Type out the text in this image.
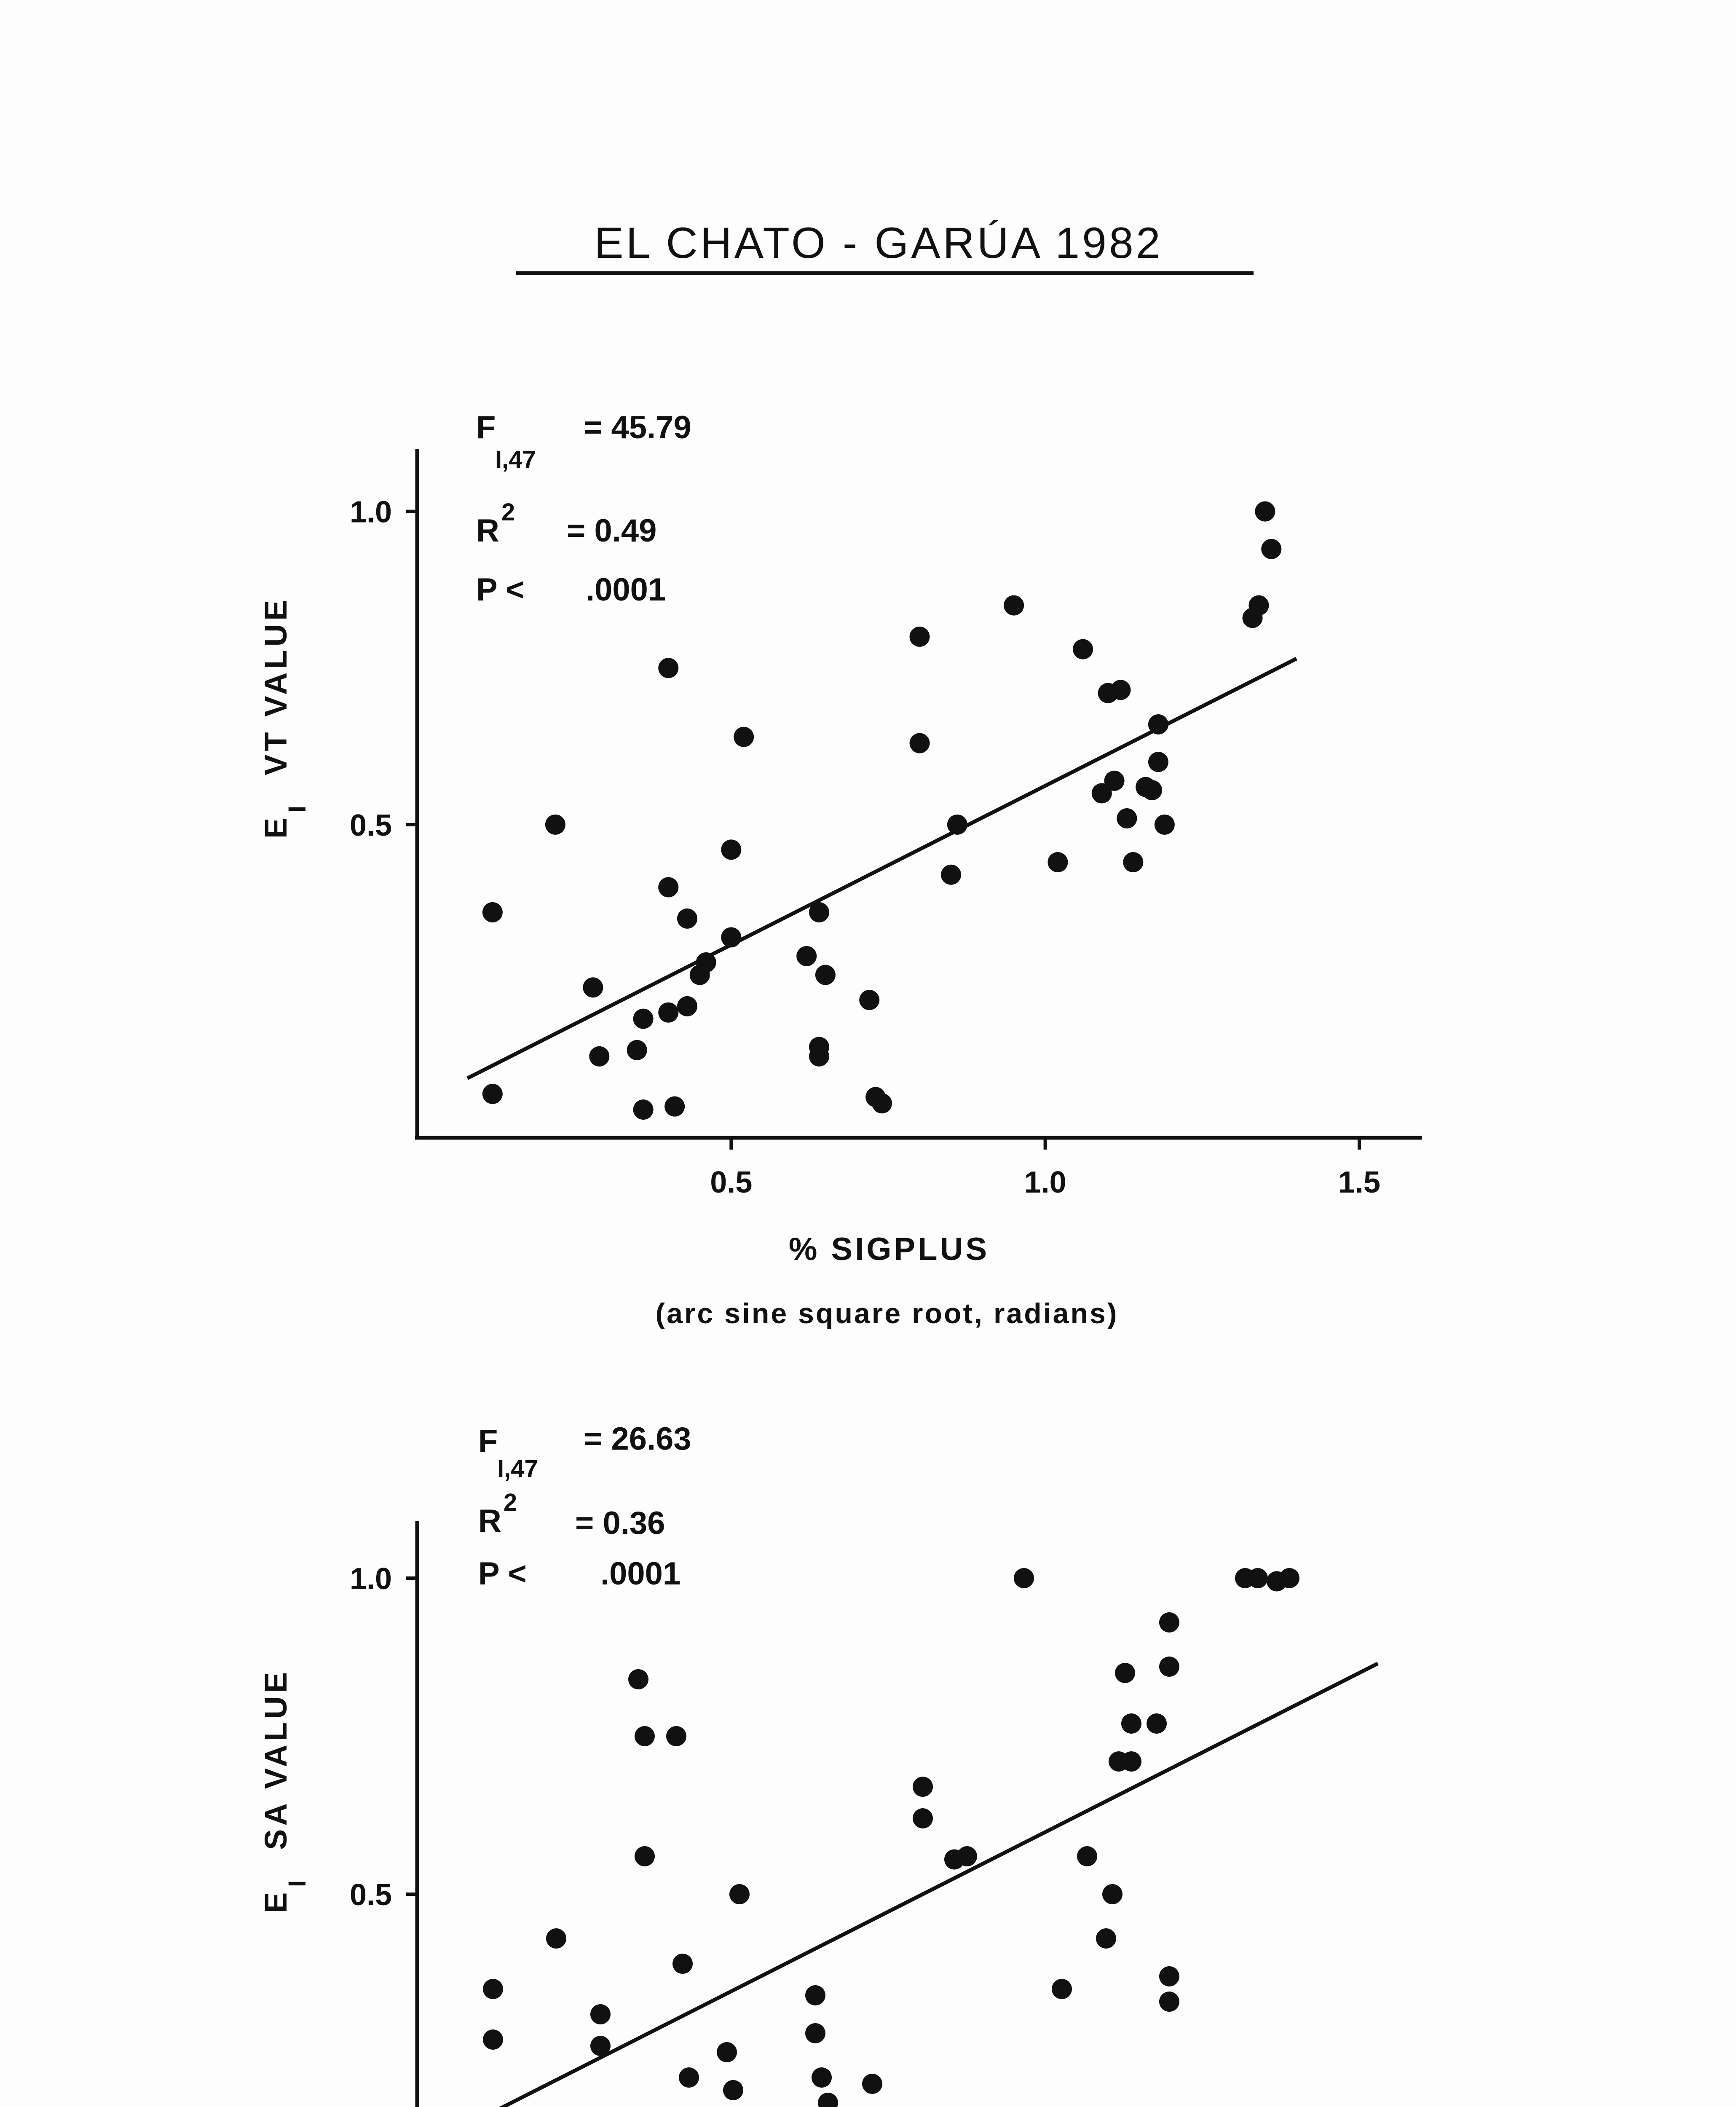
EL CHATO - GARÚA 1982
F
I,47
= 45.79
R
2
= 0.49
P < .0001
E
I
VT VALUE
% SIGPLUS
(arc sine square root, radians)
0.5	1.0	1.5
0.5
1.0
F
I,47
= 26.63
R
2
= 0.36
P < .0001
E
I
SA VALUE
0.5
1.0
